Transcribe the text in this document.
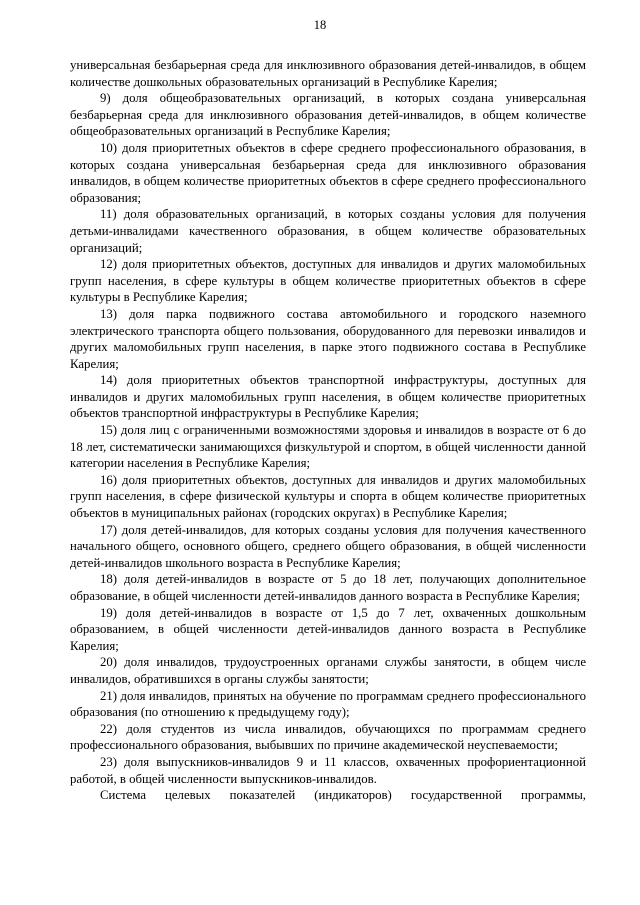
18

универсальная безбарьерная среда для инклюзивного образования детей-инвалидов, в общем количестве дошкольных образовательных организаций в Республике Карелия;

9) доля общеобразовательных организаций, в которых создана универсальная безбарьерная среда для инклюзивного образования детей-инвалидов, в общем количестве общеобразовательных организаций в Республике Карелия;

10) доля приоритетных объектов в сфере среднего профессионального образования, в которых создана универсальная безбарьерная среда для инклюзивного образования инвалидов, в общем количестве приоритетных объектов в сфере среднего профессионального образования;

11) доля образовательных организаций, в которых созданы условия для получения детьми-инвалидами качественного образования, в общем количестве образовательных организаций;

12) доля приоритетных объектов, доступных для инвалидов и других маломобильных групп населения, в сфере культуры в общем количестве приоритетных объектов в сфере культуры в Республике Карелия;

13) доля парка подвижного состава автомобильного и городского наземного электрического транспорта общего пользования, оборудованного для перевозки инвалидов и других маломобильных групп населения, в парке этого подвижного состава в Республике Карелия;

14) доля приоритетных объектов транспортной инфраструктуры, доступных для инвалидов и других маломобильных групп населения, в общем количестве приоритетных объектов транспортной инфраструктуры в Республике Карелия;

15) доля лиц с ограниченными возможностями здоровья и инвалидов в возрасте от 6 до 18 лет, систематически занимающихся физкультурой и спортом, в общей численности данной категории населения в Республике Карелия;

16) доля приоритетных объектов, доступных для инвалидов и других маломобильных групп населения, в сфере физической культуры и спорта в общем количестве приоритетных объектов в муниципальных районах (городских округах) в Республике Карелия;

17) доля детей-инвалидов, для которых созданы условия для получения качественного начального общего, основного общего, среднего общего образования, в общей численности детей-инвалидов школьного возраста в Республике Карелия;

18) доля детей-инвалидов в возрасте от 5 до 18 лет, получающих дополнительное образование, в общей численности детей-инвалидов данного возраста в Республике Карелия;

19) доля детей-инвалидов в возрасте от 1,5 до 7 лет, охваченных дошкольным образованием, в общей численности детей-инвалидов данного возраста в Республике Карелия;

20) доля инвалидов, трудоустроенных органами службы занятости, в общем числе инвалидов, обратившихся в органы службы занятости;

21) доля инвалидов, принятых на обучение по программам среднего профессионального образования (по отношению к предыдущему году);

22) доля студентов из числа инвалидов, обучающихся по программам среднего профессионального образования, выбывших по причине академической неуспеваемости;

23) доля выпускников-инвалидов 9 и 11 классов, охваченных профориентационной работой, в общей численности выпускников-инвалидов.

Система целевых показателей (индикаторов) государственной программы,
